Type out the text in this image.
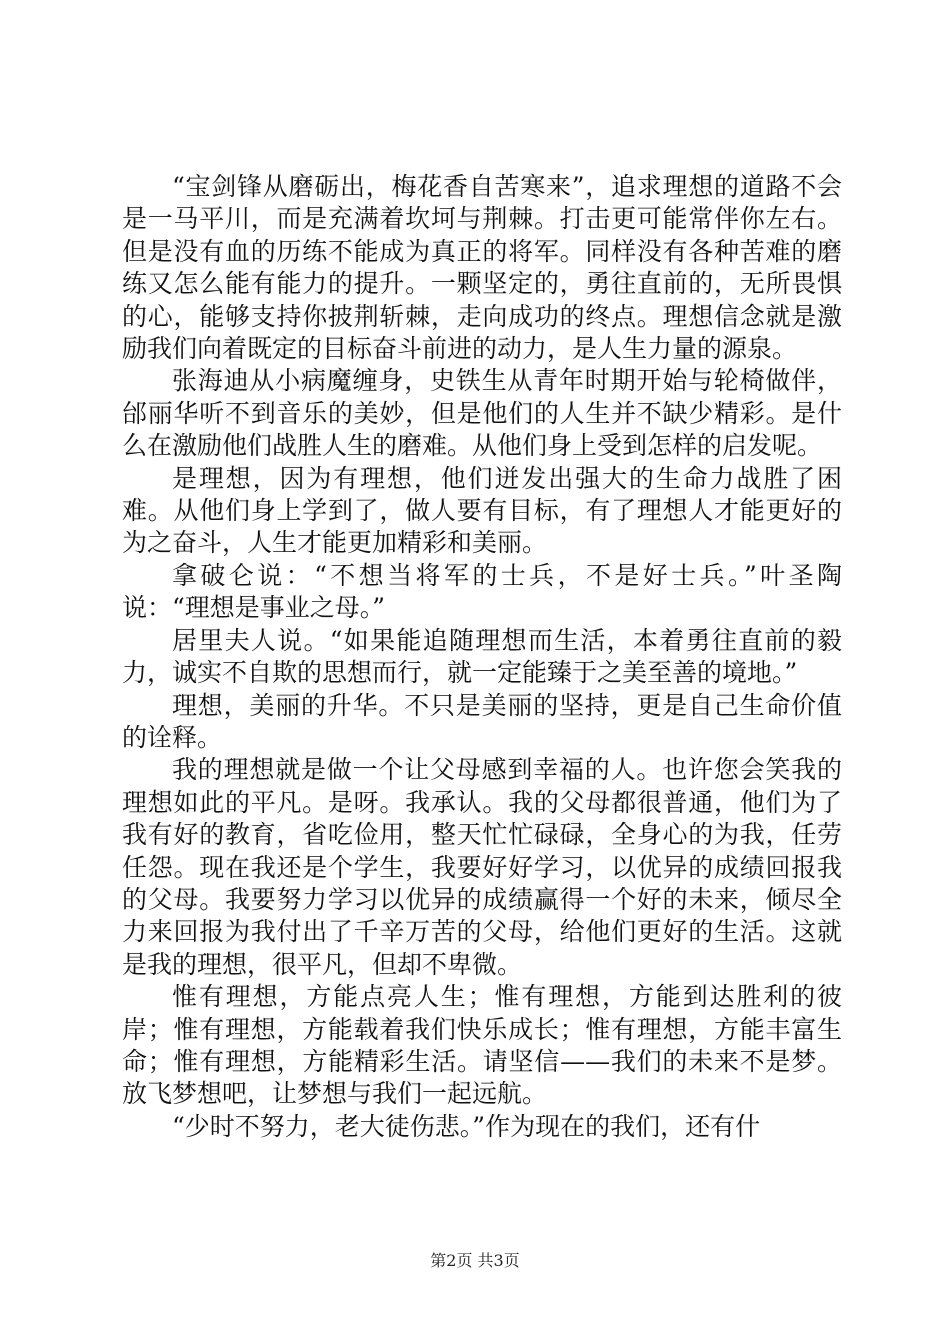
“宝剑锋从磨砺出，梅花香自苦寒来”，追求理想的道路不会是一马平川，而是充满着坎坷与荆棘。打击更可能常伴你左右。但是没有血的历练不能成为真正的将军。同样没有各种苦难的磨练又怎么能有能力的提升。一颗坚定的，勇往直前的，无所畏惧的心，能够支持你披荆斩棘，走向成功的终点。理想信念就是激励我们向着既定的目标奋斗前进的动力，是人生力量的源泉。

张海迪从小病魔缠身，史铁生从青年时期开始与轮椅做伴，邰丽华听不到音乐的美妙，但是他们的人生并不缺少精彩。是什么在激励他们战胜人生的磨难。从他们身上受到怎样的启发呢。

是理想，因为有理想，他们迸发出强大的生命力战胜了困难。从他们身上学到了，做人要有目标，有了理想人才能更好的为之奋斗，人生才能更加精彩和美丽。

拿破仑说：“不想当将军的士兵，不是好士兵。”叶圣陶说：“理想是事业之母。”

居里夫人说。“如果能追随理想而生活，本着勇往直前的毅力，诚实不自欺的思想而行，就一定能臻于之美至善的境地。”

理想，美丽的升华。不只是美丽的坚持，更是自己生命价值的诠释。

我的理想就是做一个让父母感到幸福的人。也许您会笑我的理想如此的平凡。是呀。我承认。我的父母都很普通，他们为了我有好的教育，省吃俭用，整天忙忙碌碌，全身心的为我，任劳任怨。现在我还是个学生，我要好好学习，以优异的成绩回报我的父母。我要努力学习以优异的成绩赢得一个好的未来，倾尽全力来回报为我付出了千辛万苦的父母，给他们更好的生活。这就是我的理想，很平凡，但却不卑微。

惟有理想，方能点亮人生；惟有理想，方能到达胜利的彼岸；惟有理想，方能载着我们快乐成长；惟有理想，方能丰富生命；惟有理想，方能精彩生活。请坚信——我们的未来不是梦。放飞梦想吧，让梦想与我们一起远航。

“少时不努力，老大徒伤悲。”作为现在的我们，还有什

第2页 共3页
